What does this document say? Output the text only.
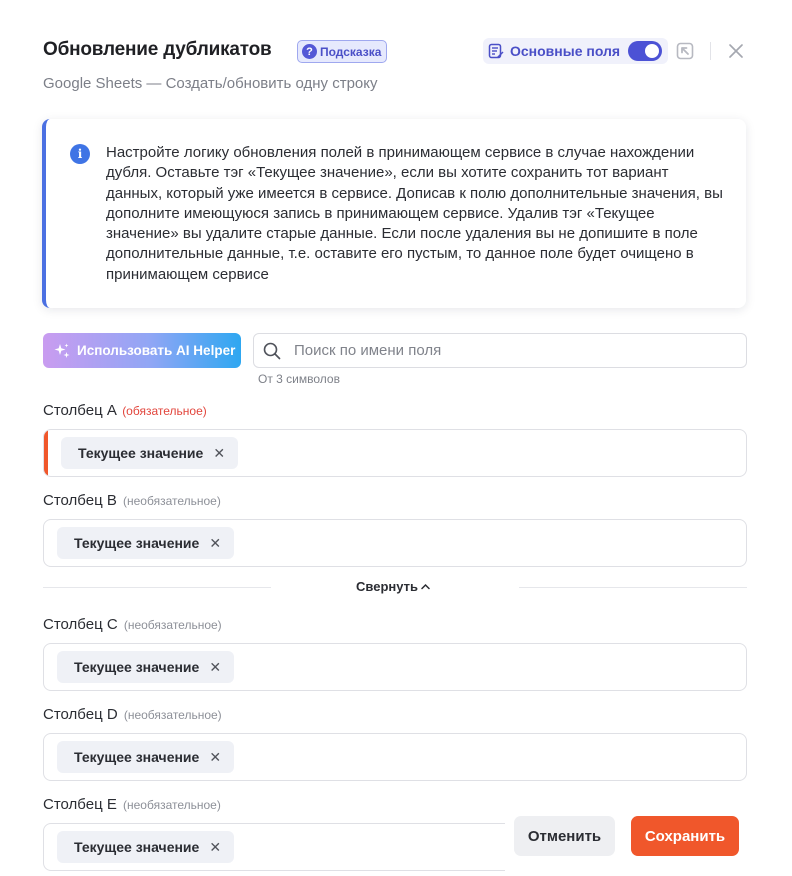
Обновление дубликатов	? Подсказка	Основные поля
Google Sheets — Создать/обновить одну строку
i	Настройте логику обновления полей в принимающем сервисе в случае нахождении дубля. Оставьте тэг «Текущее значение», если вы хотите сохранить тот вариант данных, который уже имеется в сервисе. Дописав к полю дополнительные значения, вы дополните имеющуюся запись в принимающем сервисе. Удалив тэг «Текущее значение» вы удалите старые данные. Если после удаления вы не допишите в поле дополнительные данные, т.е. оставите его пустым, то данное поле будет очищено в принимающем сервисе
Использовать AI Helper
Поиск по имени поля
От 3 символов
Столбец A (обязательное)
Текущее значение ✕
Столбец B (необязательное)
Текущее значение ✕
Свернуть
Столбец C (необязательное)
Текущее значение ✕
Столбец D (необязательное)
Текущее значение ✕
Столбец E (необязательное)
Текущее значение ✕
Отменить	Сохранить
